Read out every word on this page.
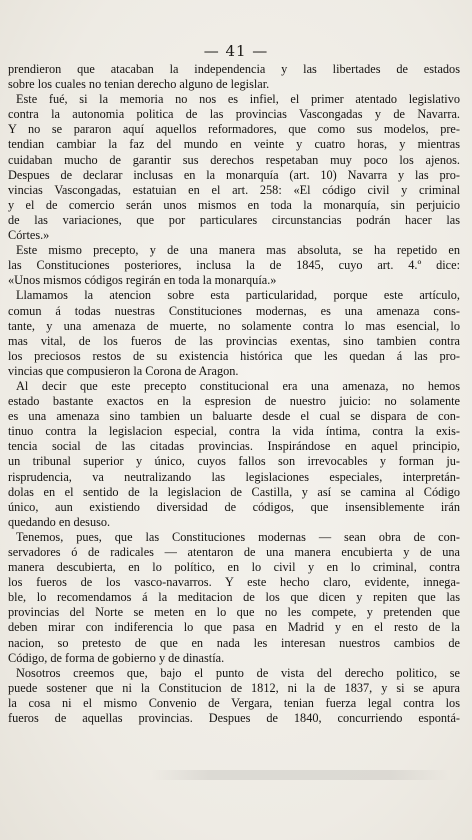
— 41 —
prendieron que atacaban la independencia y las libertades de estados
sobre los cuales no tenian derecho alguno de legislar.
Este fué, si la memoria no nos es infiel, el primer atentado legislativo
contra la autonomia politica de las provincias Vascongadas y de Navarra.
Y no se pararon aquí aquellos reformadores, que como sus modelos, pre-
tendian cambiar la faz del mundo en veinte y cuatro horas, y mientras
cuidaban mucho de garantir sus derechos respetaban muy poco los ajenos.
Despues de declarar inclusas en la monarquía (art. 10) Navarra y las pro-
vincias Vascongadas, estatuian en el art. 258: «El código civil y criminal
y el de comercio serán unos mismos en toda la monarquía, sin perjuicio
de las variaciones, que por particulares circunstancias podrán hacer las
Córtes.»
Este mismo precepto, y de una manera mas absoluta, se ha repetido en
las Constituciones posteriores, inclusa la de 1845, cuyo art. 4.º dice:
«Unos mismos códigos regirán en toda la monarquía.»
Llamamos la atencion sobre esta particularidad, porque este artículo,
comun á todas nuestras Constituciones modernas, es una amenaza cons-
tante, y una amenaza de muerte, no solamente contra lo mas esencial, lo
mas vital, de los fueros de las provincias exentas, sino tambien contra
los preciosos restos de su existencia histórica que les quedan á las pro-
vincias que compusieron la Corona de Aragon.
Al decir que este precepto constitucional era una amenaza, no hemos
estado bastante exactos en la espresion de nuestro juicio: no solamente
es una amenaza sino tambien un baluarte desde el cual se dispara de con-
tinuo contra la legislacion especial, contra la vida íntima, contra la exis-
tencia social de las citadas provincias. Inspirándose en aquel principio,
un tribunal superior y único, cuyos fallos son irrevocables y forman ju-
risprudencia, va neutralizando las legislaciones especiales, interpretán-
dolas en el sentido de la legislacion de Castilla, y así se camina al Código
único, aun existiendo diversidad de códigos, que insensiblemente irán
quedando en desuso.
Tenemos, pues, que las Constituciones modernas — sean obra de con-
servadores ó de radicales — atentaron de una manera encubierta y de una
manera descubierta, en lo político, en lo civil y en lo criminal, contra
los fueros de los vasco-navarros. Y este hecho claro, evidente, innega-
ble, lo recomendamos á la meditacion de los que dicen y repiten que las
provincias del Norte se meten en lo que no les compete, y pretenden que
deben mirar con indiferencia lo que pasa en Madrid y en el resto de la
nacion, so pretesto de que en nada les interesan nuestros cambios de
Código, de forma de gobierno y de dinastía.
Nosotros creemos que, bajo el punto de vista del derecho politico, se
puede sostener que ni la Constitucion de 1812, ni la de 1837, y si se apura
la cosa ni el mismo Convenio de Vergara, tenian fuerza legal contra los
fueros de aquellas provincias. Despues de 1840, concurriendo espontá-
